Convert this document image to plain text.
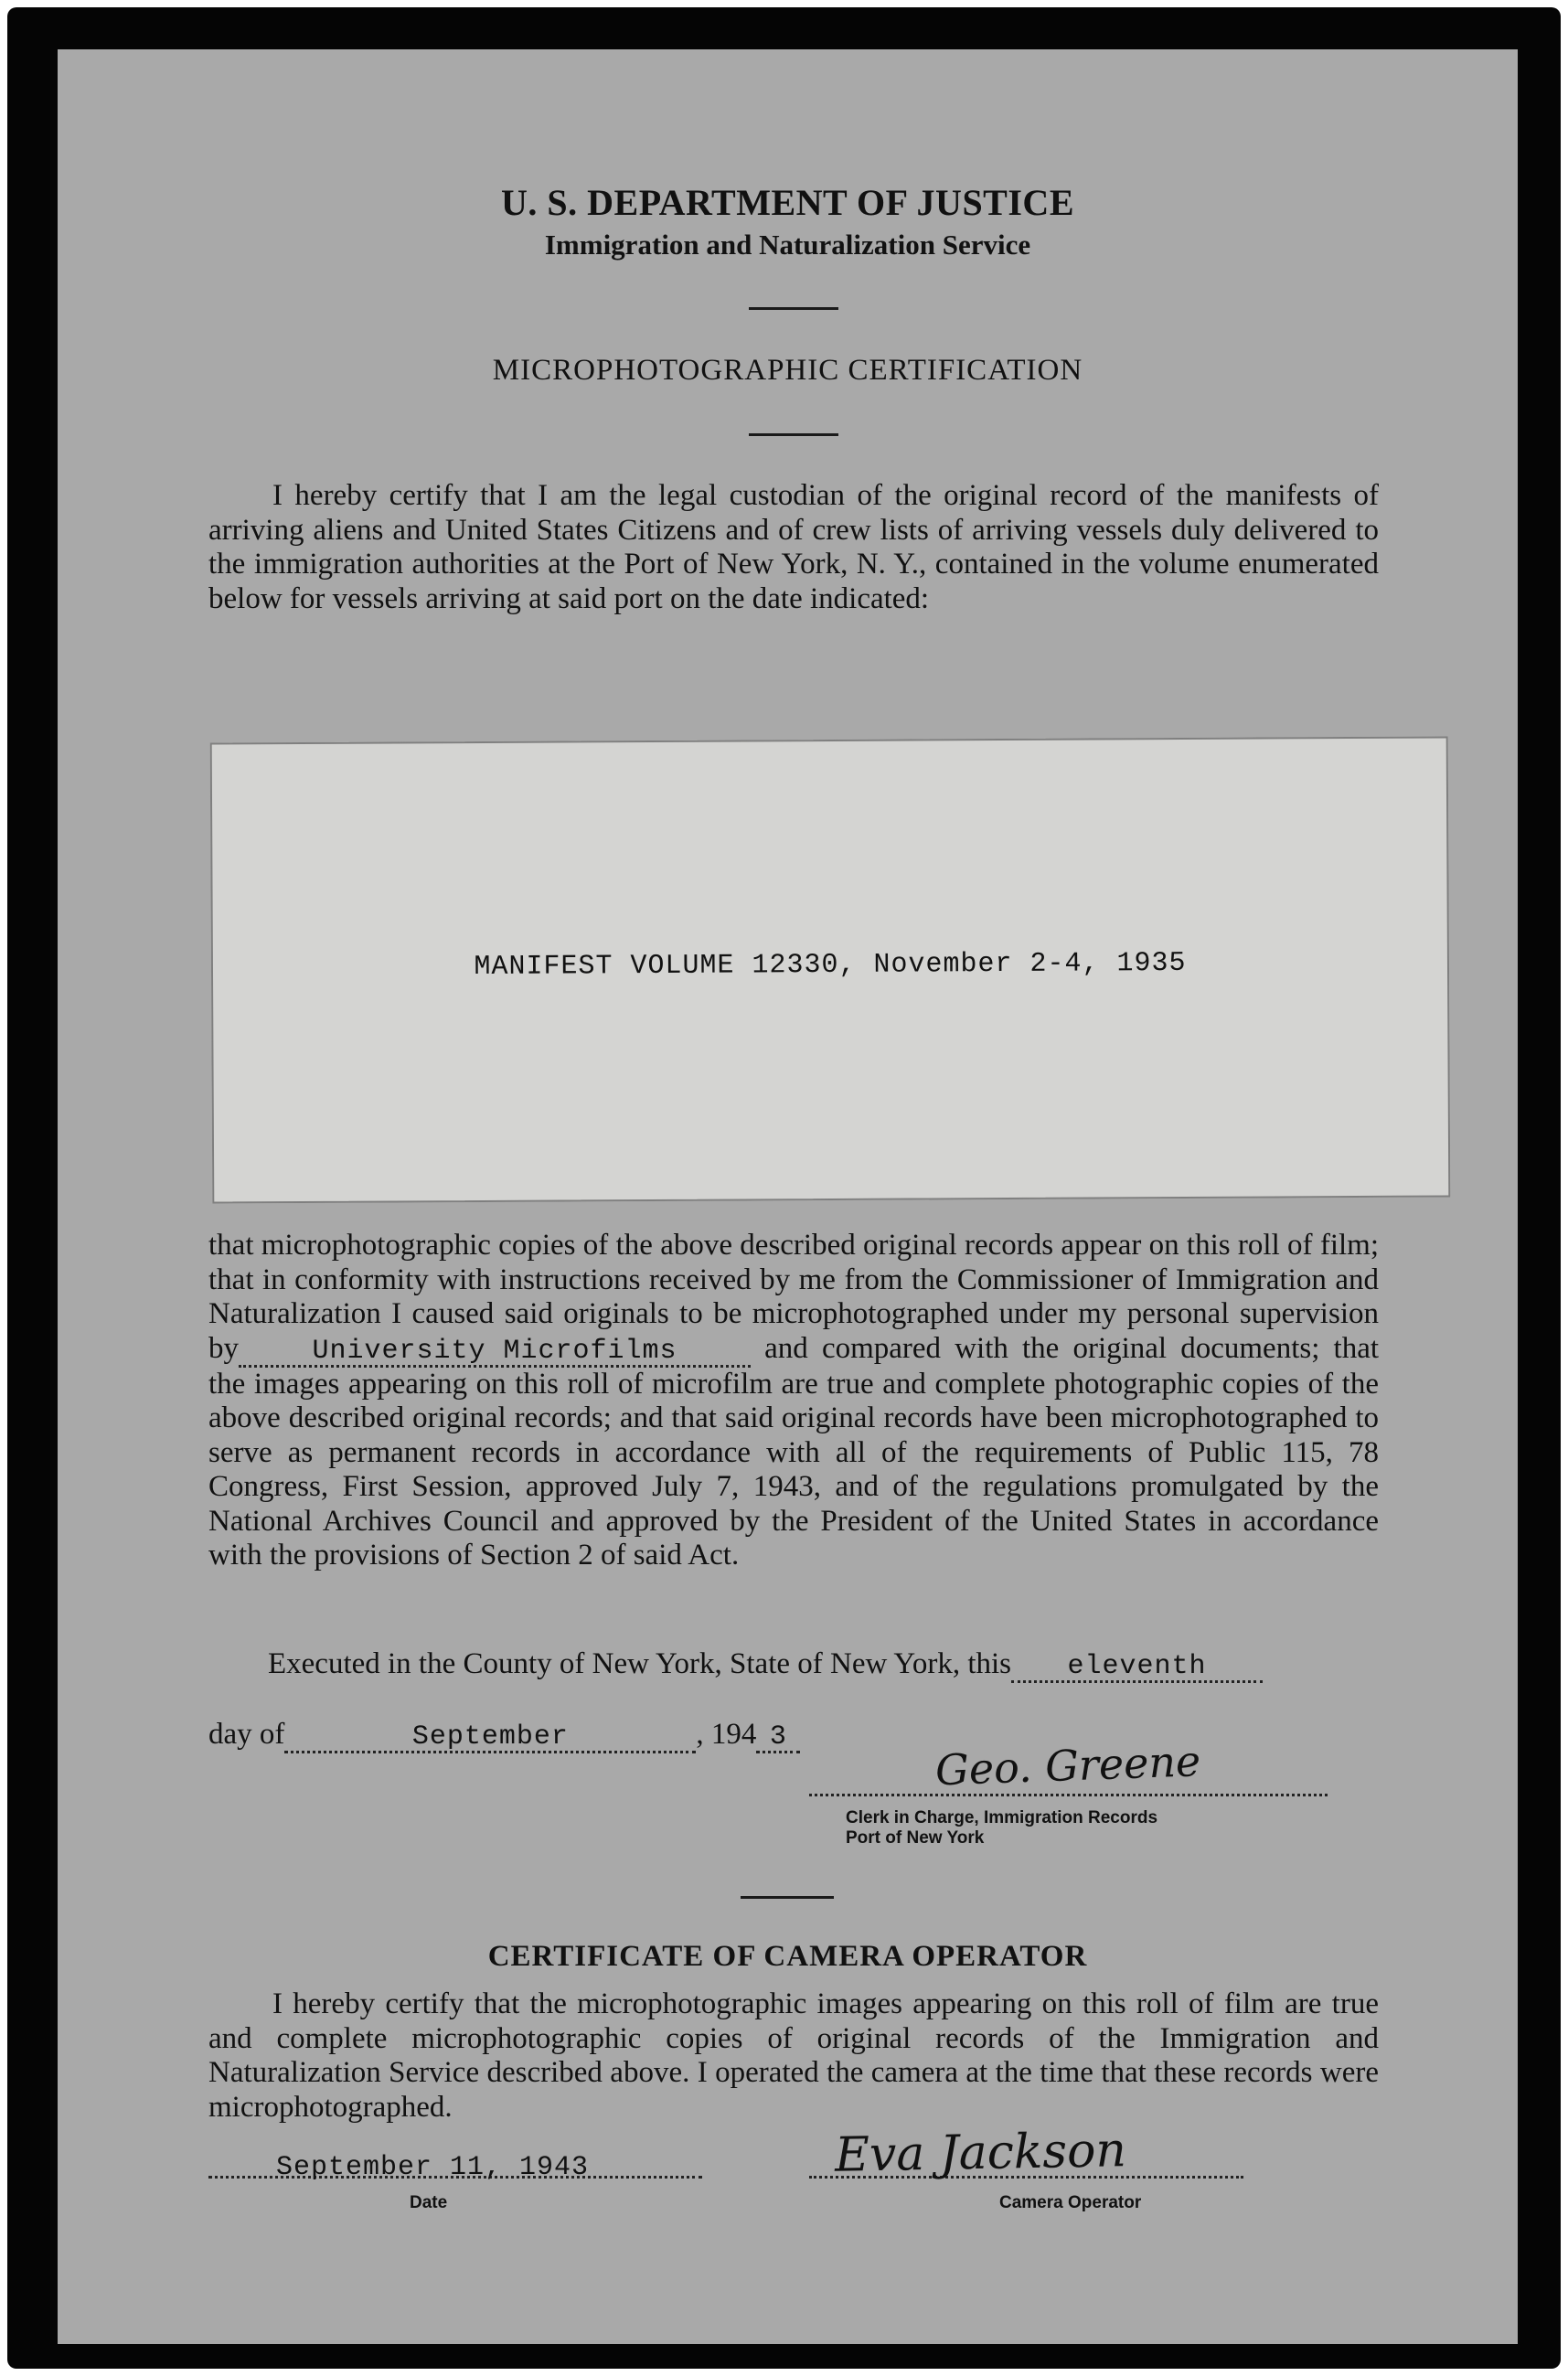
U. S. DEPARTMENT OF JUSTICE
Immigration and Naturalization Service
MICROPHOTOGRAPHIC CERTIFICATION
I hereby certify that I am the legal custodian of the original record of the manifests of arriving aliens and United States Citizens and of crew lists of arriving vessels duly delivered to the immigration authorities at the Port of New York, N. Y., contained in the volume enumerated below for vessels arriving at said port on the date indicated:
MANIFEST VOLUME 12330, November 2-4, 1935
that microphotographic copies of the above described original records appear on this roll of film; that in conformity with instructions received by me from the Commissioner of Immigration and Naturalization I caused said originals to be microphotographed under my personal supervision by	University Microfilms	and compared with the original documents; that the images appearing on this roll of microfilm are true and complete photographic copies of the above described original records; and that said original records have been microphotographed to serve as permanent records in accordance with all of the requirements of Public 115, 78 Congress, First Session, approved July 7, 1943, and of the regulations promulgated by the National Archives Council and approved by the President of the United States in accordance with the provisions of Section 2 of said Act.
Executed in the County of New York, State of New York, this eleventh
day of	September	, 194 3	Geo. Greene
Clerk in Charge, Immigration Records
Port of New York
CERTIFICATE OF CAMERA OPERATOR
I hereby certify that the microphotographic images appearing on this roll of film are true and complete microphotographic copies of original records of the Immigration and Naturalization Service described above. I operated the camera at the time that these records were microphotographed.
September 11, 1943
Date
Eva Jackson
Camera Operator
